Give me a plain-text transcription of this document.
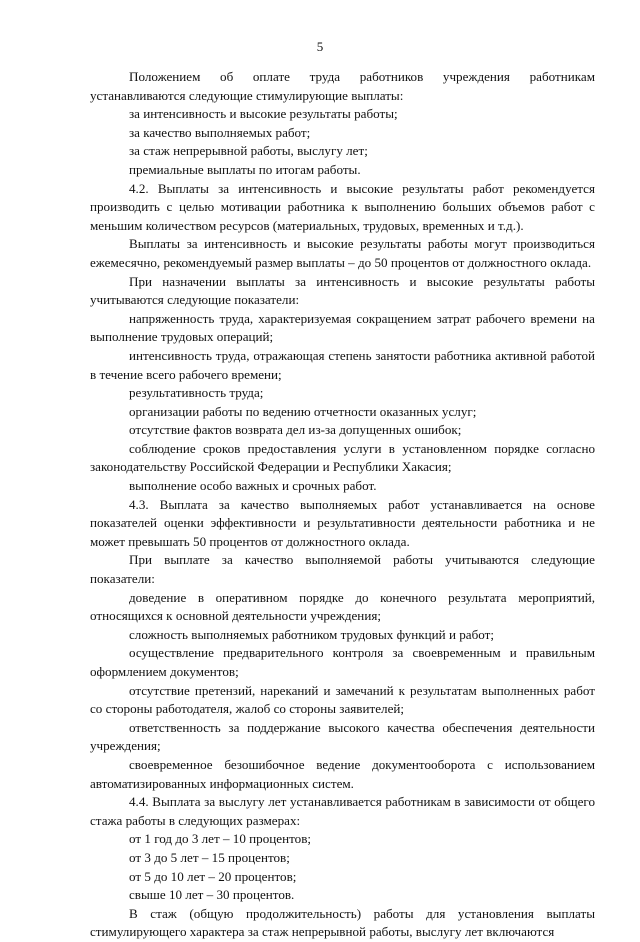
5

Положением об оплате труда работников учреждения работникам устанавливаются следующие стимулирующие выплаты:

за интенсивность и высокие результаты работы;

за качество выполняемых работ;

за стаж непрерывной работы, выслугу лет;

премиальные выплаты по итогам работы.

4.2. Выплаты за интенсивность и высокие результаты работ рекомендуется производить с целью мотивации работника к выполнению больших объемов работ с меньшим количеством ресурсов (материальных, трудовых, временных и т.д.).

Выплаты за интенсивность и высокие результаты работы могут производиться ежемесячно, рекомендуемый размер выплаты – до 50 процентов от должностного оклада.

При назначении выплаты за интенсивность и высокие результаты работы учитываются следующие показатели:

напряженность труда, характеризуемая сокращением затрат рабочего времени на выполнение трудовых операций;

интенсивность труда, отражающая степень занятости работника активной работой в течение всего рабочего времени;

результативность труда;

организации работы по ведению отчетности оказанных услуг;

отсутствие фактов возврата дел из-за допущенных ошибок;

соблюдение сроков предоставления услуги в установленном порядке согласно законодательству Российской Федерации и Республики Хакасия;

выполнение особо важных и срочных работ.

4.3. Выплата за качество выполняемых работ устанавливается на основе показателей оценки эффективности и результативности деятельности работника и не может превышать 50 процентов от должностного оклада.

При выплате за качество выполняемой работы учитываются следующие показатели:

доведение в оперативном порядке до конечного результата мероприятий, относящихся к основной деятельности учреждения;

сложность выполняемых работником трудовых функций и работ;

осуществление предварительного контроля за своевременным и правильным оформлением документов;

отсутствие претензий, нареканий и замечаний к результатам выполненных работ со стороны работодателя, жалоб со стороны заявителей;

ответственность за поддержание высокого качества обеспечения деятельности учреждения;

своевременное безошибочное ведение документооборота с использованием автоматизированных информационных систем.

4.4. Выплата за выслугу лет устанавливается работникам в зависимости от общего стажа работы в следующих размерах:

от 1 год до 3 лет – 10 процентов;

от 3 до 5 лет – 15 процентов;

от 5 до 10 лет – 20 процентов;

свыше 10 лет – 30 процентов.

В стаж (общую продолжительность) работы для установления выплаты стимулирующего характера за стаж непрерывной работы, выслугу лет включаются
